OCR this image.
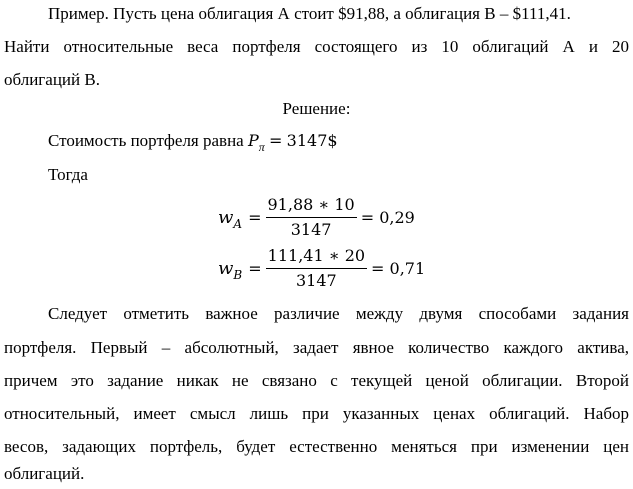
Пример. Пусть цена облигация А стоит $91,88, а облигация В – $111,41.
Найти относительные веса портфеля состоящего из 10 облигаций А и 20
облигаций В.
Решение:
Стоимость портфеля равна $P_\pi$ = 3147$
Тогда
w $A = \frac{91,88 ∗ 10}{3147} = 0,29$
w $B = \frac{111,41 ∗ 20}{3147} = 0,71$
Следует отметить важное различие между двумя способами задания
портфеля. Первый – абсолютный, задает явное количество каждого актива,
причем это задание никак не связано с текущей ценой облигации. Второй
относительный, имеет смысл лишь при указанных ценах облигаций. Набор
весов, задающих портфель, будет естественно меняться при изменении цен
облигаций.
